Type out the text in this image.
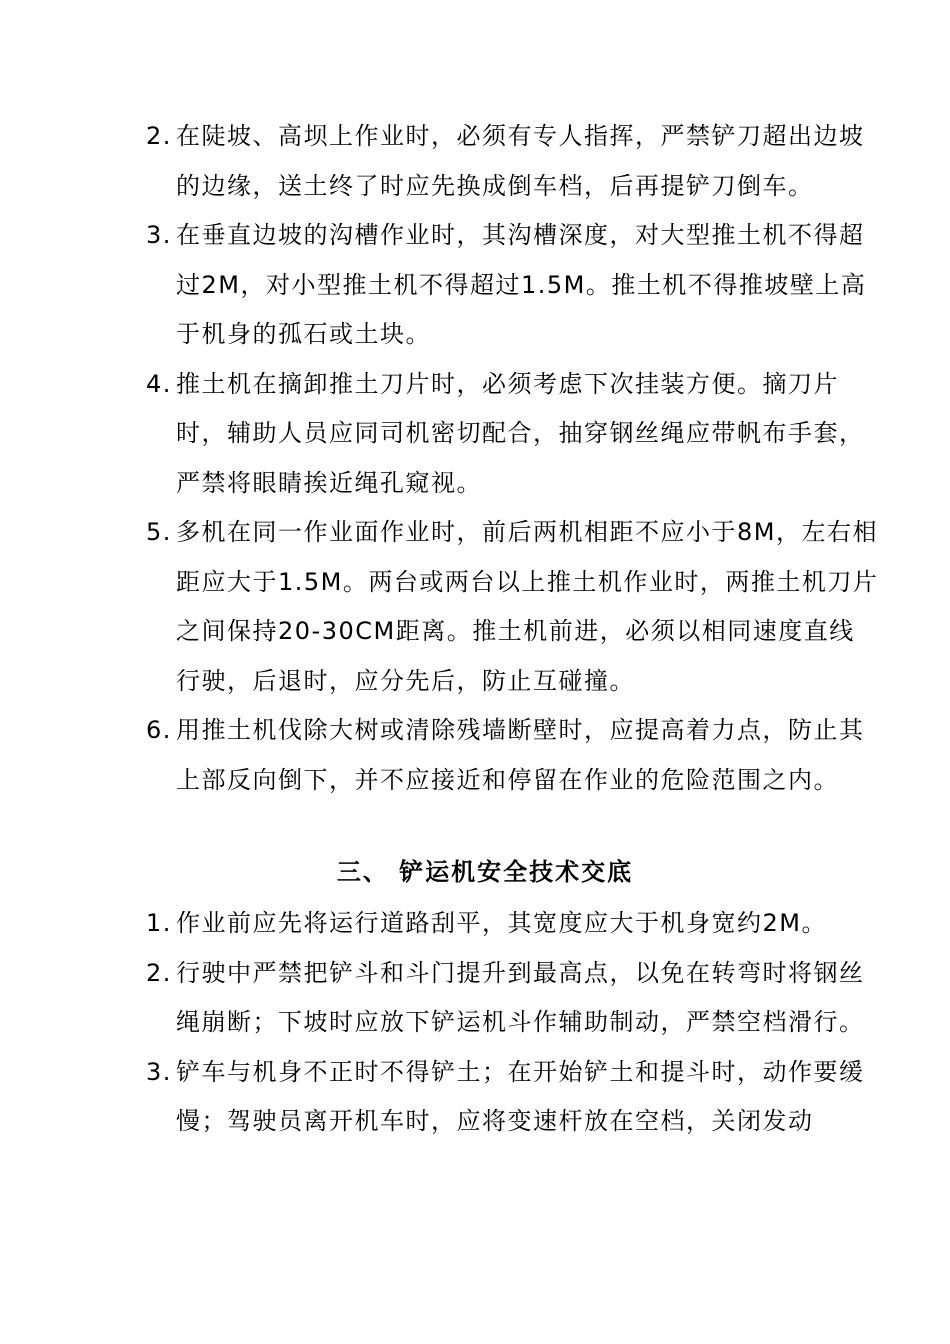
2. 在陡坡、高坝上作业时，必须有专人指挥，严禁铲刀超出边坡的边缘，送土终了时应先换成倒车档，后再提铲刀倒车。
3. 在垂直边坡的沟槽作业时，其沟槽深度，对大型推土机不得超过2M，对小型推土机不得超过1.5M。推土机不得推坡壁上高于机身的孤石或土块。
4. 推土机在摘卸推土刀片时，必须考虑下次挂装方便。摘刀片时，辅助人员应同司机密切配合，抽穿钢丝绳应带帆布手套，严禁将眼睛挨近绳孔窥视。
5. 多机在同一作业面作业时，前后两机相距不应小于8M，左右相距应大于1.5M。两台或两台以上推土机作业时，两推土机刀片之间保持20-30CM距离。推土机前进，必须以相同速度直线行驶，后退时，应分先后，防止互碰撞。
6. 用推土机伐除大树或清除残墙断壁时，应提高着力点，防止其上部反向倒下，并不应接近和停留在作业的危险范围之内。
三、 铲运机安全技术交底
1. 作业前应先将运行道路刮平，其宽度应大于机身宽约2M。
2. 行驶中严禁把铲斗和斗门提升到最高点，以免在转弯时将钢丝绳崩断；下坡时应放下铲运机斗作辅助制动，严禁空档滑行。
3. 铲车与机身不正时不得铲土；在开始铲土和提斗时，动作要缓慢；驾驶员离开机车时，应将变速杆放在空档，关闭发动
